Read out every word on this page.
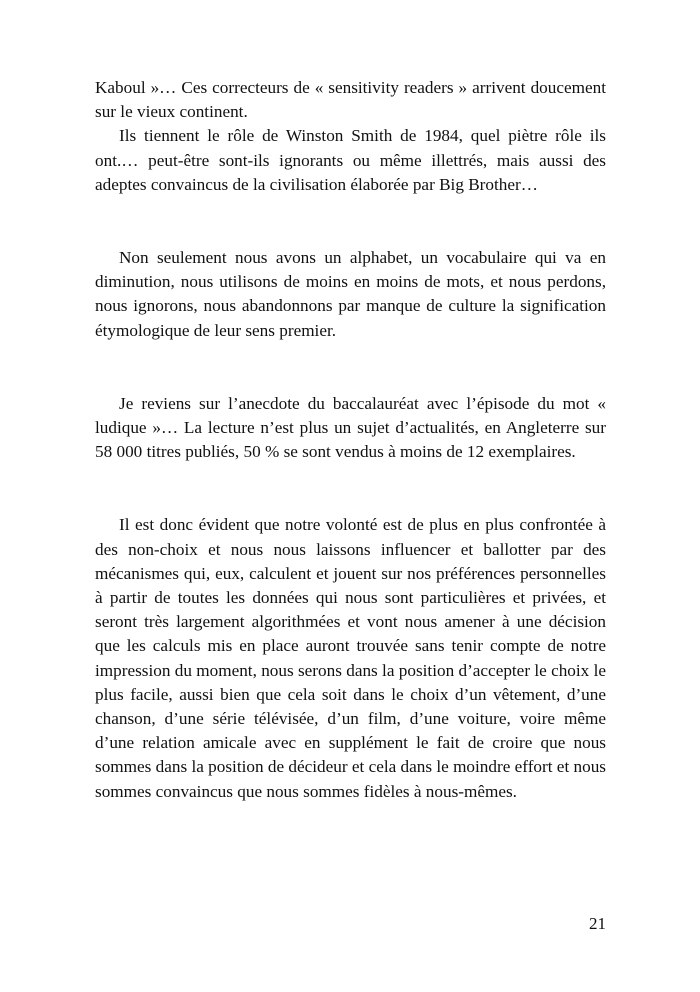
Kaboul »… Ces correcteurs de « sensitivity readers » arrivent doucement sur le vieux continent.

Ils tiennent le rôle de Winston Smith de 1984, quel piètre rôle ils ont.… peut-être sont-ils ignorants ou même illettrés, mais aussi des adeptes convaincus de la civilisation élaborée par Big Brother…

Non seulement nous avons un alphabet, un vocabulaire qui va en diminution, nous utilisons de moins en moins de mots, et nous perdons, nous ignorons, nous abandonnons par manque de culture la signification étymologique de leur sens premier.

Je reviens sur l’anecdote du baccalauréat avec l’épisode du mot « ludique »… La lecture n’est plus un sujet d’actualités, en Angleterre sur 58 000 titres publiés, 50 % se sont vendus à moins de 12 exemplaires.

Il est donc évident que notre volonté est de plus en plus confrontée à des non-choix et nous nous laissons influencer et ballotter par des mécanismes qui, eux, calculent et jouent sur nos préférences personnelles à partir de toutes les données qui nous sont particulières et privées, et seront très largement algorithmées et vont nous amener à une décision que les calculs mis en place auront trouvée sans tenir compte de notre impression du moment, nous serons dans la position d’accepter le choix le plus facile, aussi bien que cela soit dans le choix d’un vêtement, d’une chanson, d’une série télévisée, d’un film, d’une voiture, voire même d’une relation amicale avec en supplément le fait de croire que nous sommes dans la position de décideur et cela dans le moindre effort et nous sommes convaincus que nous sommes fidèles à nous-mêmes.

21
